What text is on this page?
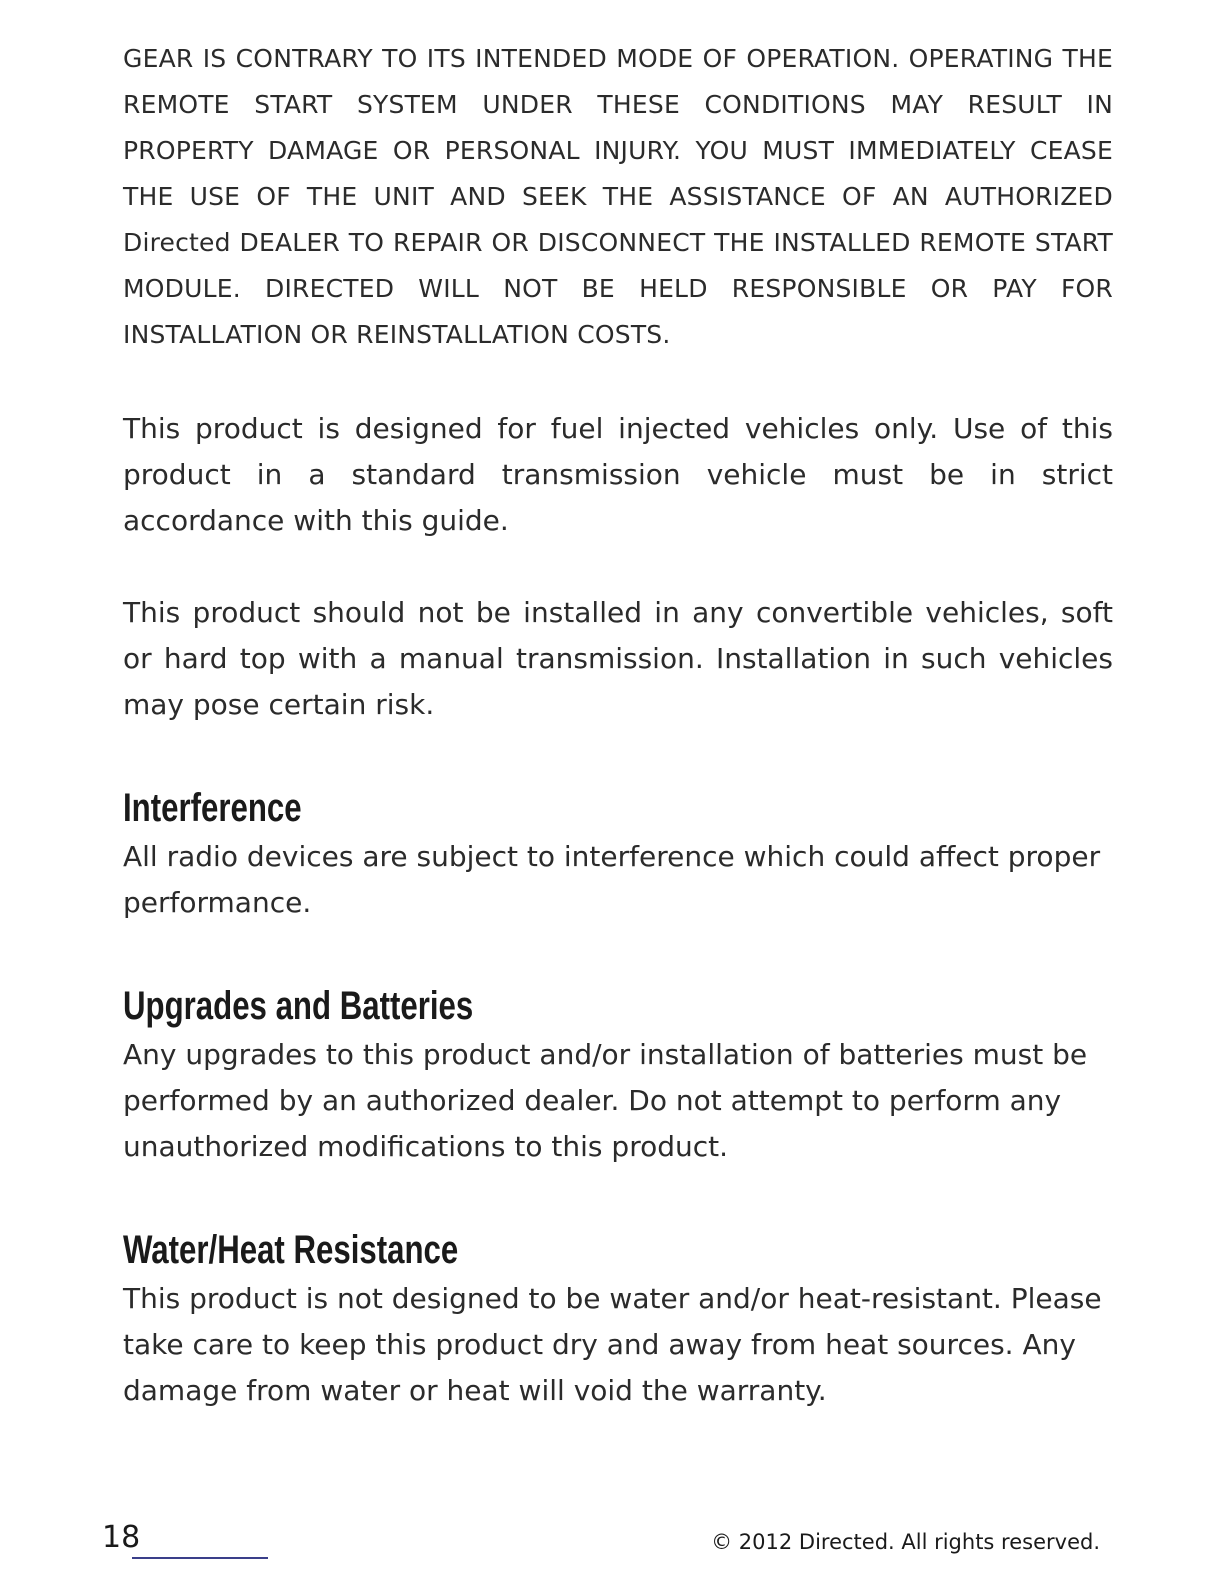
GEAR IS CONTRARY TO ITS INTENDED MODE OF OPERATION. OPERATING THE REMOTE START SYSTEM UNDER THESE CONDITIONS MAY RESULT IN PROPERTY DAMAGE OR PERSONAL INJURY. YOU MUST IMMEDIATELY CEASE THE USE OF THE UNIT AND SEEK THE ASSISTANCE OF AN AUTHORIZED Directed DEALER TO REPAIR OR DISCONNECT THE INSTALLED REMOTE START MODULE. DIRECTED WILL NOT BE HELD RESPONSIBLE OR PAY FOR INSTALLATION OR REINSTALLATION COSTS.

This product is designed for fuel injected vehicles only. Use of this product in a standard transmission vehicle must be in strict accordance with this guide.

This product should not be installed in any convertible vehicles, soft or hard top with a manual transmission. Installation in such vehicles may pose certain risk.

Interference

All radio devices are subject to interference which could affect proper performance.

Upgrades and Batteries

Any upgrades to this product and/or installation of batteries must be performed by an authorized dealer. Do not attempt to perform any unauthorized modifications to this product.

Water/Heat Resistance

This product is not designed to be water and/or heat-resistant. Please take care to keep this product dry and away from heat sources. Any damage from water or heat will void the warranty.

18	© 2012 Directed. All rights reserved.
